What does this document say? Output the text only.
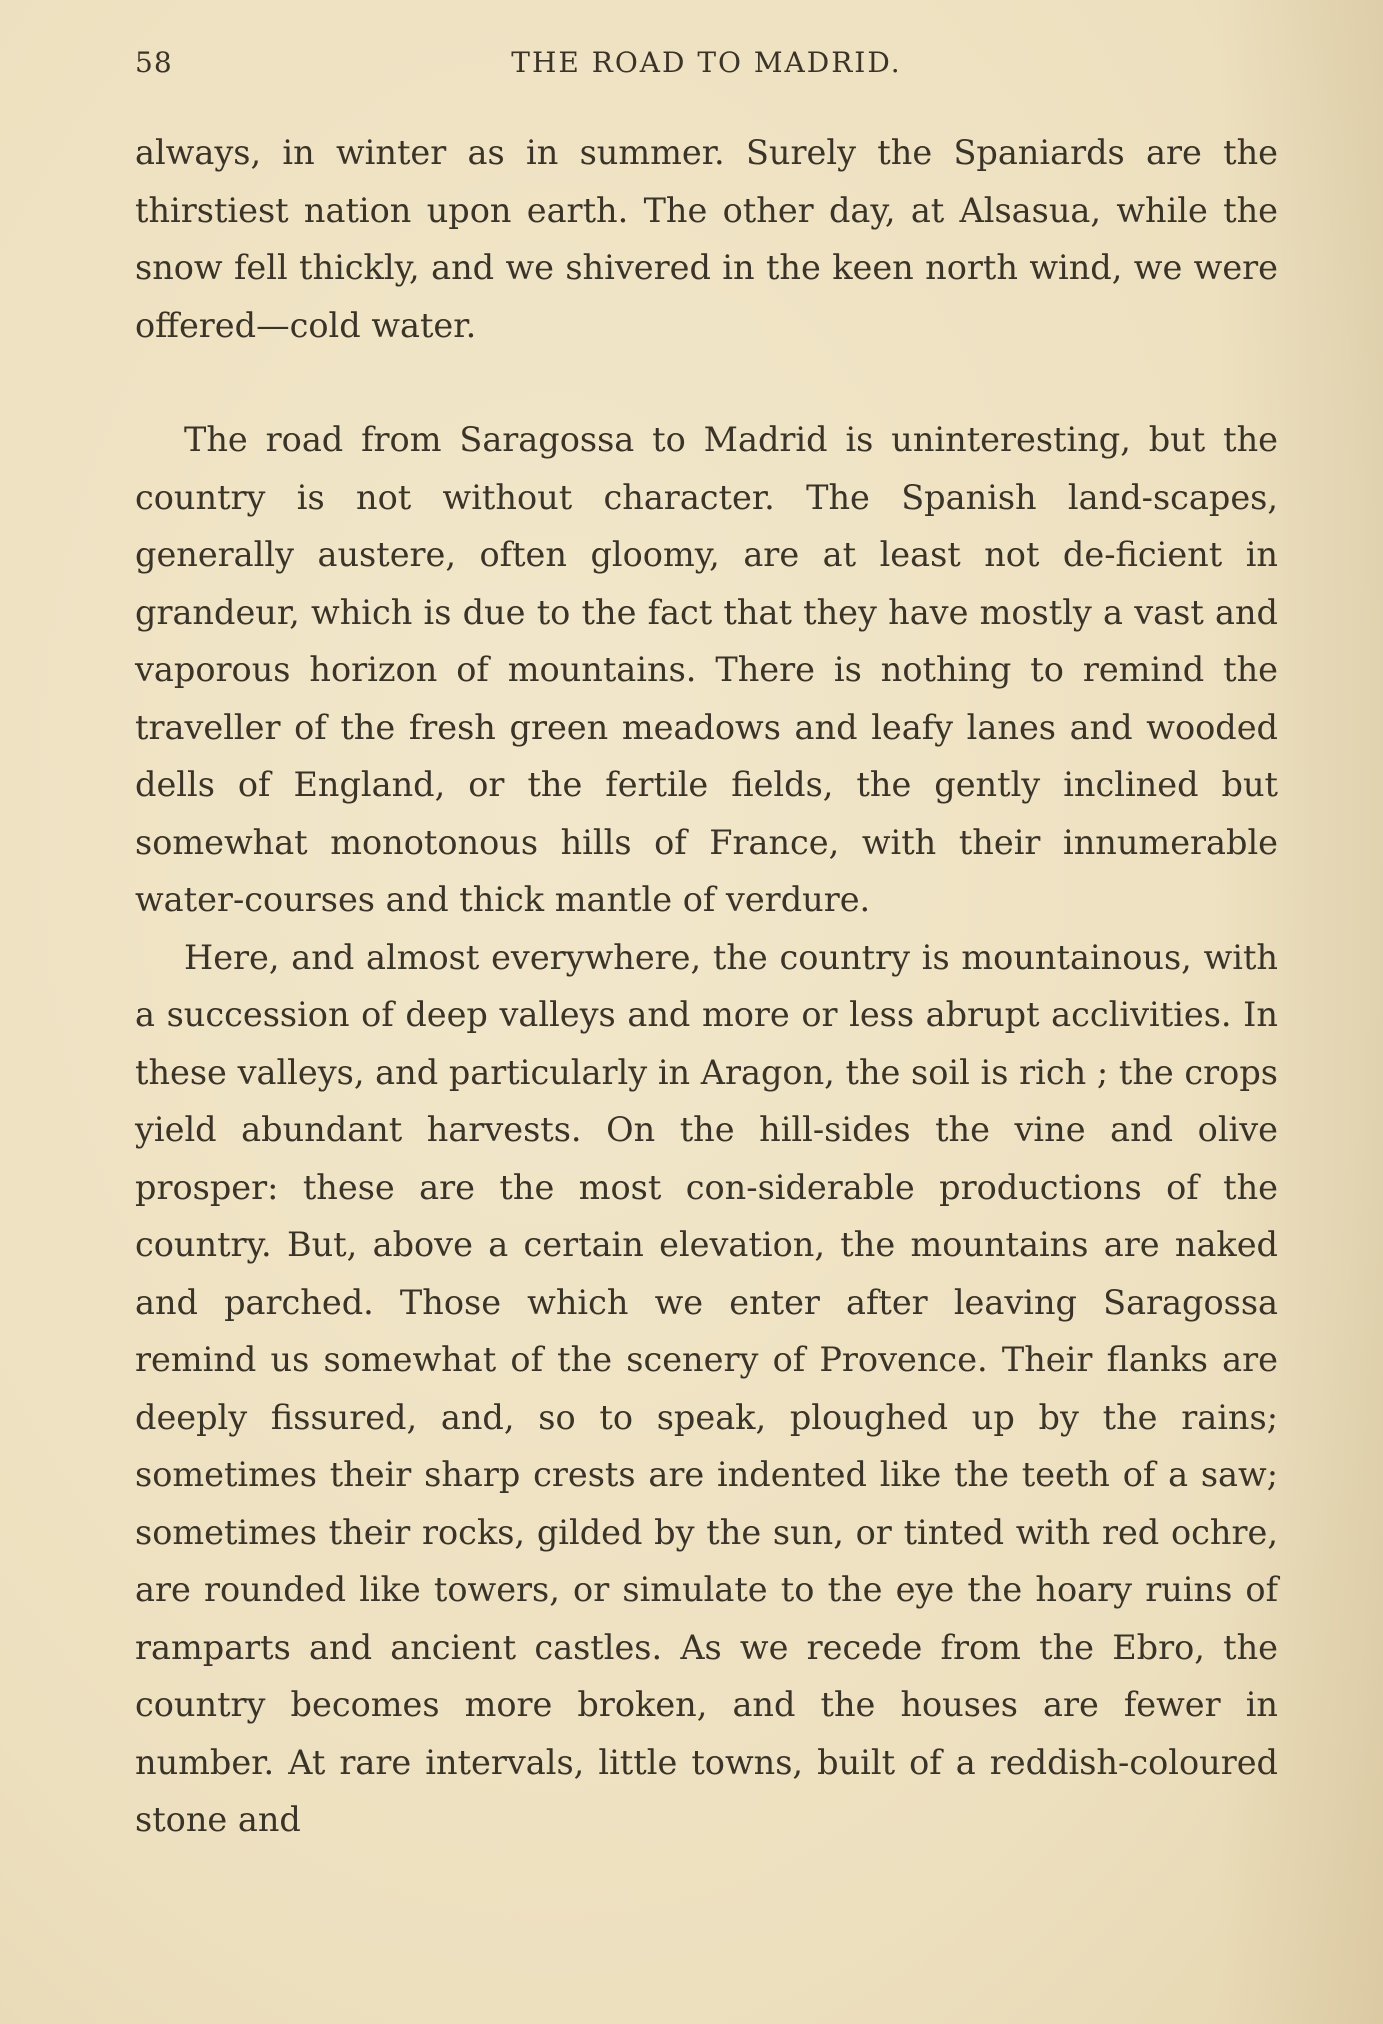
58	THE ROAD TO MADRID.

always, in winter as in summer. Surely the Spaniards are the thirstiest nation upon earth. The other day, at Alsasua, while the snow fell thickly, and we shivered in the keen north wind, we were offered—cold water.

The road from Saragossa to Madrid is uninteresting, but the country is not without character. The Spanish land-scapes, generally austere, often gloomy, are at least not de-ficient in grandeur, which is due to the fact that they have mostly a vast and vaporous horizon of mountains. There is nothing to remind the traveller of the fresh green meadows and leafy lanes and wooded dells of England, or the fertile fields, the gently inclined but somewhat monotonous hills of France, with their innumerable water-courses and thick mantle of verdure.

Here, and almost everywhere, the country is mountainous, with a succession of deep valleys and more or less abrupt acclivities. In these valleys, and particularly in Aragon, the soil is rich ; the crops yield abundant harvests. On the hill-sides the vine and olive prosper: these are the most con-siderable productions of the country. But, above a certain elevation, the mountains are naked and parched. Those which we enter after leaving Saragossa remind us somewhat of the scenery of Provence. Their flanks are deeply fissured, and, so to speak, ploughed up by the rains; sometimes their sharp crests are indented like the teeth of a saw; sometimes their rocks, gilded by the sun, or tinted with red ochre, are rounded like towers, or simulate to the eye the hoary ruins of ramparts and ancient castles. As we recede from the Ebro, the country becomes more broken, and the houses are fewer in number. At rare intervals, little towns, built of a reddish-coloured stone and
